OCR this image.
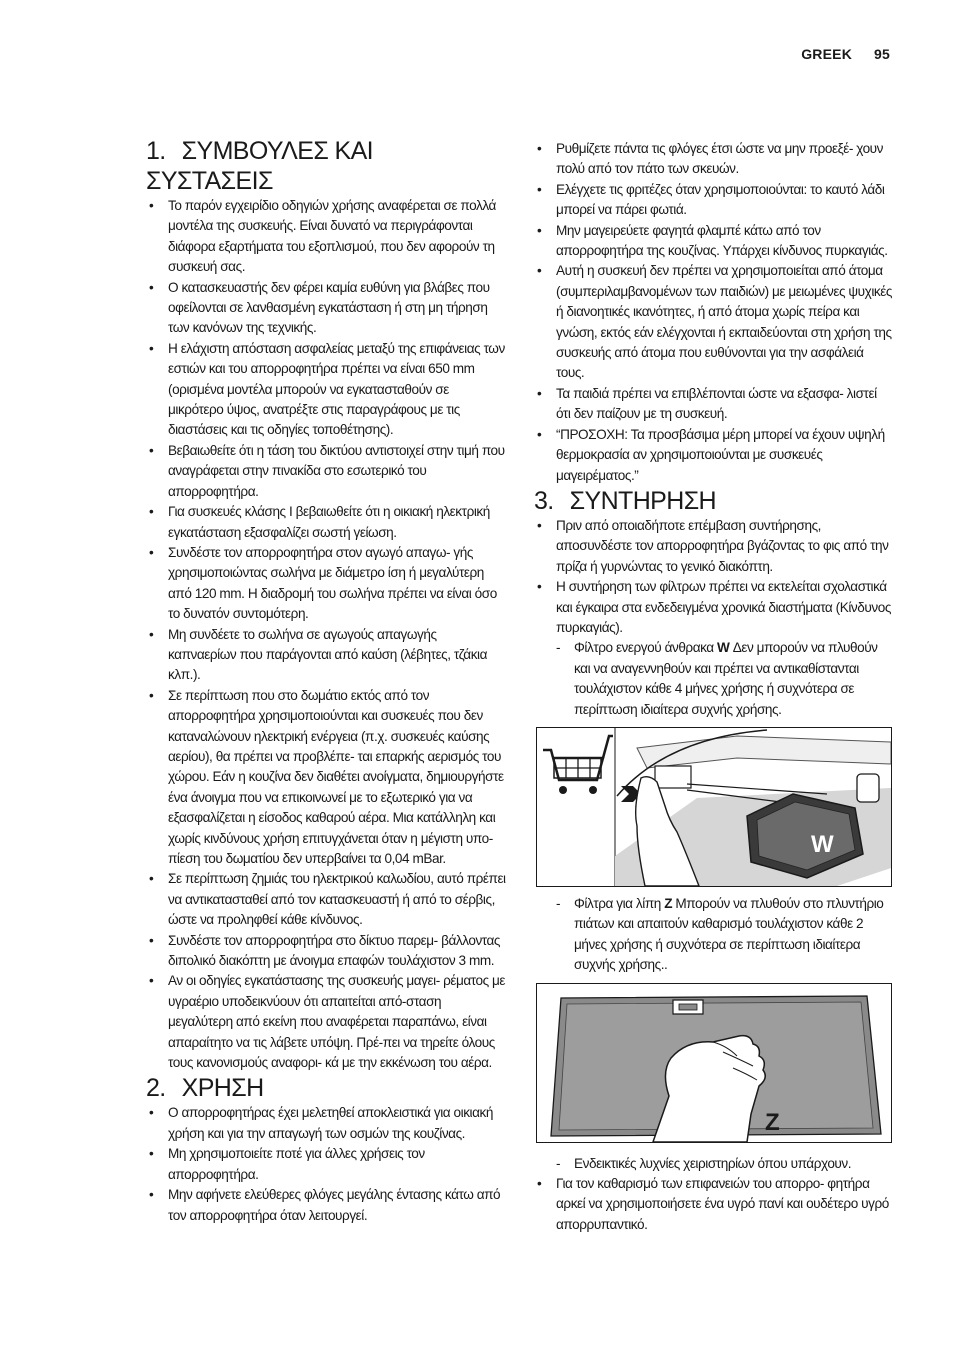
GREEK 95
1. ΣΥΜΒΟΥΛΕΣ ΚΑΙ ΣΥΣΤΑΣΕΙΣ
• Το παρόν εγχειρίδιο οδηγιών χρήσης αναφέρεται σε πολλά μοντέλα της συσκευής. Είναι δυνατό να περιγράφονται διάφορα εξαρτήματα του εξοπλισμού, που δεν αφορούν τη συσκευή σας.
• Ο κατασκευαστής δεν φέρει καμία ευθύνη για βλάβες που οφείλονται σε λανθασμένη εγκατάσταση ή στη μη τήρηση των κανόνων της τεχνικής.
• Η ελάχιστη απόσταση ασφαλείας μεταξύ της επιφάνειας των εστιών και του απορροφητήρα πρέπει να είναι 650 mm (ορισμένα μοντέλα μπορούν να εγκατασταθούν σε μικρότερο ύψος, ανατρέξτε στις παραγράφους με τις διαστάσεις και τις οδηγίες τοποθέτησης).
• Βεβαιωθείτε ότι η τάση του δικτύου αντιστοιχεί στην τιμή που αναγράφεται στην πινακίδα στο εσωτερικό του απορροφητήρα.
• Για συσκευές κλάσης I βεβαιωθείτε ότι η οικιακή ηλεκτρική εγκατάσταση εξασφαλίζει σωστή γείωση.
• Συνδέστε τον απορροφητήρα στον αγωγό απαγω- γής χρησιμοποιώντας σωλήνα με διάμετρο ίση ή μεγαλύτερη από 120 mm. Η διαδρομή του σωλήνα πρέπει να είναι όσο το δυνατόν συντομότερη.
• Μη συνδέετε το σωλήνα σε αγωγούς απαγωγής καπναερίων που παράγονται από καύση (λέβητες, τζάκια κλπ.).
• Σε περίπτωση που στο δωμάτιο εκτός από τον απορροφητήρα χρησιμοποιούνται και συσκευές που δεν καταναλώνουν ηλεκτρική ενέργεια (π.χ. συσκευές καύσης αερίου), θα πρέπει να προβλέπε- ται επαρκής αερισμός του χώρου. Εάν η κουζίνα δεν διαθέτει ανοίγματα, δημιουργήστε ένα άνοιγμα που να επικοινωνεί με το εξωτερικό για να εξασφαλίζεται η είσοδος καθαρού αέρα. Μια κατάλληλη και χωρίς κινδύνους χρήση επιτυγχάνεται όταν η μέγιστη υπο- πίεση του δωματίου δεν υπερβαίνει τα 0,04 mBar.
• Σε περίπτωση ζημιάς του ηλεκτρικού καλωδίου, αυτό πρέπει να αντικατασταθεί από τον κατασκευαστή ή από το σέρβις, ώστε να προληφθεί κάθε κίνδυνος.
• Συνδέστε τον απορροφητήρα στο δίκτυο παρεμ- βάλλοντας διπολικό διακόπτη με άνοιγμα επαφών τουλάχιστον 3 mm.
• Αν οι οδηγίες εγκατάστασης της συσκευής μαγει- ρέματος με υγραέριο υποδεικνύουν ότι απαιτείται από-σταση μεγαλύτερη από εκείνη που αναφέρεται παραπάνω, είναι απαραίτητο να τις λάβετε υπόψη. Πρέ-πει να τηρείτε όλους τους κανονισμούς αναφορι- κά με την εκκένωση του αέρα.
2. ΧΡΗΣΗ
• Ο απορροφητήρας έχει μελετηθεί αποκλειστικά για οικιακή χρήση και για την απαγωγή των οσμών της κουζίνας.
• Μη χρησιμοποιείτε ποτέ για άλλες χρήσεις τον απορροφητήρα.
• Μην αφήνετε ελεύθερες φλόγες μεγάλης έντασης κάτω από τον απορροφητήρα όταν λειτουργεί.
• Ρυθμίζετε πάντα τις φλόγες έτσι ώστε να μην προεξέ- χουν πολύ από τον πάτο των σκευών.
• Ελέγχετε τις φριτέζες όταν χρησιμοποιούνται: το καυτό λάδι μπορεί να πάρει φωτιά.
• Μην μαγειρεύετε φαγητά φλαμπέ κάτω από τον απορροφητήρα της κουζίνας. Υπάρχει κίνδυνος πυρκαγιάς.
• Αυτή η συσκευή δεν πρέπει να χρησιμοποιείται από άτομα (συμπεριλαμβανομένων των παιδιών) με μειωμένες ψυχικές ή διανοητικές ικανότητες, ή από άτομα χωρίς πείρα και γνώση, εκτός εάν ελέγχονται ή εκπαιδεύονται στη χρήση της συσκευής από άτομα που ευθύνονται για την ασφάλειά τους.
• Τα παιδιά πρέπει να επιβλέπονται ώστε να εξασφα- λιστεί ότι δεν παίζουν με τη συσκευή.
• “ΠΡΟΣΟΧΗ: Τα προσβάσιμα μέρη μπορεί να έχουν υψηλή θερμοκρασία αν χρησιμοποιούνται με συσκευές μαγειρέματος.”
3. ΣΥΝΤΗΡΗΣΗ
• Πριν από οποιαδήποτε επέμβαση συντήρησης, αποσυνδέστε τον απορροφητήρα βγάζοντας το φις από την πρίζα ή γυρνώντας το γενικό διακόπτη.
• Η συντήρηση των φίλτρων πρέπει να εκτελείται σχολαστικά και έγκαιρα στα ενδεδειγμένα χρονικά διαστήματα (Κίνδυνος πυρκαγιάς).
- Φίλτρο ενεργού άνθρακα W Δεν μπορούν να πλυθούν και να αναγεννηθούν και πρέπει να αντικαθίστανται τουλάχιστον κάθε 4 μήνες χρήσης ή συχνότερα σε περίπτωση ιδιαίτερα συχνής χρήσης.
W
- Φίλτρα για λίπη Z Μπορούν να πλυθούν στο πλυντήριο πιάτων και απαιτούν καθαρισμό τουλάχιστον κάθε 2 μήνες χρήσης ή συχνότερα σε περίπτωση ιδιαίτερα συχνής χρήσης..
Z
- Ενδεικτικές λυχνίες χειριστηρίων όπου υπάρχουν.
• Για τον καθαρισμό των επιφανειών του απορρο- φητήρα αρκεί να χρησιμοποιήσετε ένα υγρό πανί και ουδέτερο υγρό απορρυπαντικό.
